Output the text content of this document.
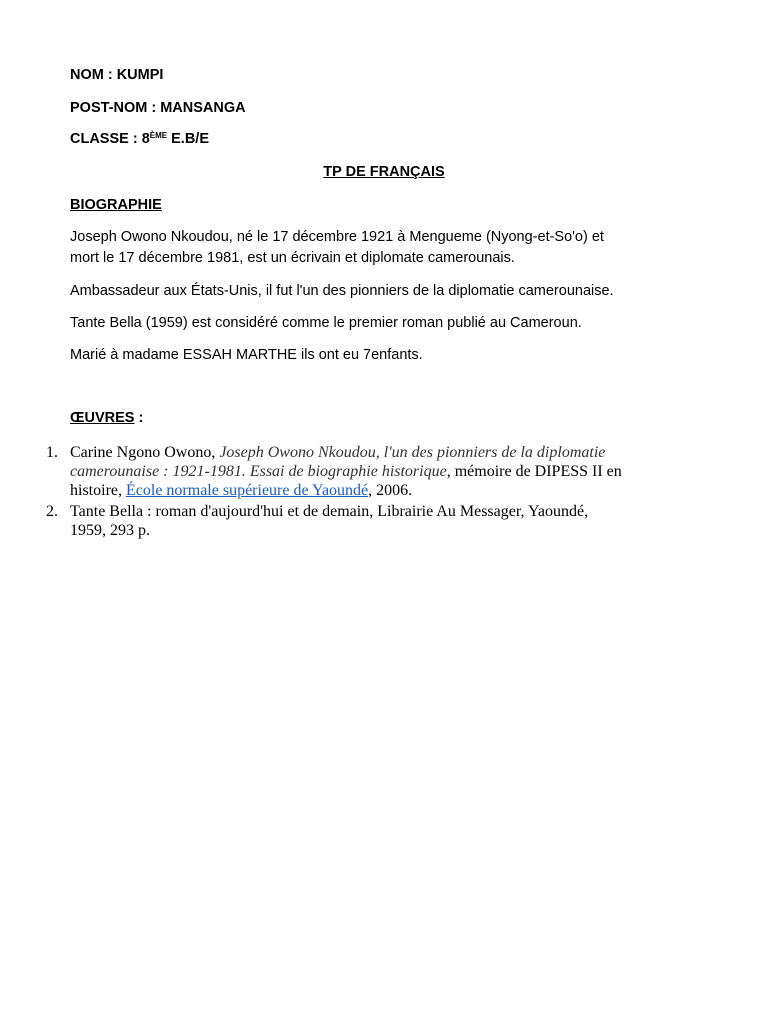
NOM : KUMPI
POST-NOM : MANSANGA
CLASSE : 8ÈME E.B/E
TP DE FRANÇAIS
BIOGRAPHIE
Joseph Owono Nkoudou, né le 17 décembre 1921 à Mengueme (Nyong-et-So'o) et
mort le 17 décembre 1981, est un écrivain et diplomate camerounais.
Ambassadeur aux États-Unis, il fut l'un des pionniers de la diplomatie camerounaise.
Tante Bella (1959) est considéré comme le premier roman publié au Cameroun.
Marié à madame ESSAH MARTHE ils ont eu 7enfants.
ŒUVRES :
1. Carine Ngono Owono, Joseph Owono Nkoudou, l'un des pionniers de la diplomatie
camerounaise : 1921-1981. Essai de biographie historique, mémoire de DIPESS II en
histoire, École normale supérieure de Yaoundé, 2006.
2. Tante Bella : roman d'aujourd'hui et de demain, Librairie Au Messager, Yaoundé,
1959, 293 p.
